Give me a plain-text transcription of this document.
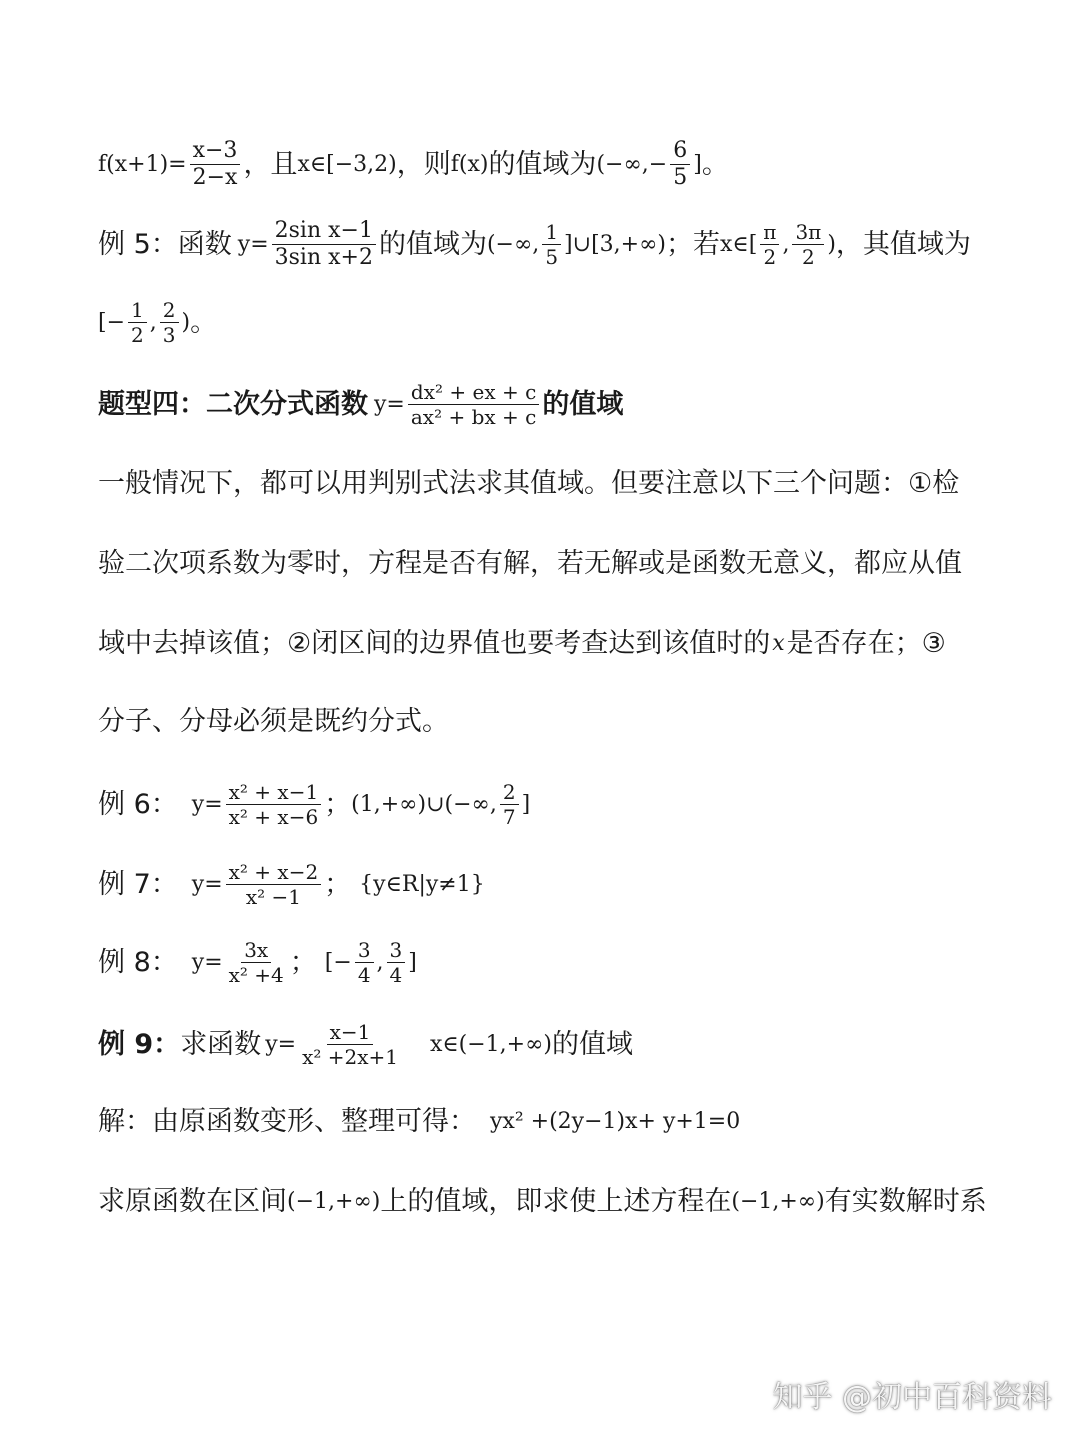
$f(x+1)= \frac{x-3}{2-x}$ ，且 x∈[−3,2) ，则 f(x) 的值域为 (−∞,− $\frac{6}{5}$ ] 。
例 5：函数 $y= \frac{\text{2sin x−1}}{\text{3sin x+2}}$ 的值域为 (−∞, $\frac{1}{5}$ ] ∪[3,+∞) ；若 x∈[ $\frac{\pi}{2}$ , $\frac{3\pi}{2}$ ) ，其值域为
[− $\frac{1}{2}$ , $\frac{2}{3}$ ) 。
题型四：二次分式函数 $y= \frac{\text{dx² + ex + c}}{\text{ax² + bx + c}}$ 的值域
一般情况下，都可以用判别式法求其值域。但要注意以下三个问题：①检
验二次项系数为零时，方程是否有解，若无解或是函数无意义，都应从值
域中去掉该值；②闭区间的边界值也要考查达到该值时的 x 是否存在；③
分子、分母必须是既约分式。
例 6： $y= \frac{\text{x² + x−1}}{\text{x² + x−6}}$ ； (1,+∞)∪(−∞, $\frac{2}{7}$ ]
例 7： $y= \frac{\text{x² + x−2}}{\text{x² −1}}$ ； {y∈R|y≠1}
例 8： $y= \frac{3x}{\text{x² +4}}$ ； [− $\frac{3}{4}$ , $\frac{3}{4}$ ]
例 9： 求函数 $y= \frac{x-1}{\text{x² +2x+1}}$ x∈(−1,+∞) 的值域
解：由原函数变形、整理可得： yx² +(2y−1)x+ y+1=0
求原函数在区间 (−1,+∞) 上的值域，即求使上述方程在 (−1,+∞) 有实数解时系
知乎 @初中百科资料
